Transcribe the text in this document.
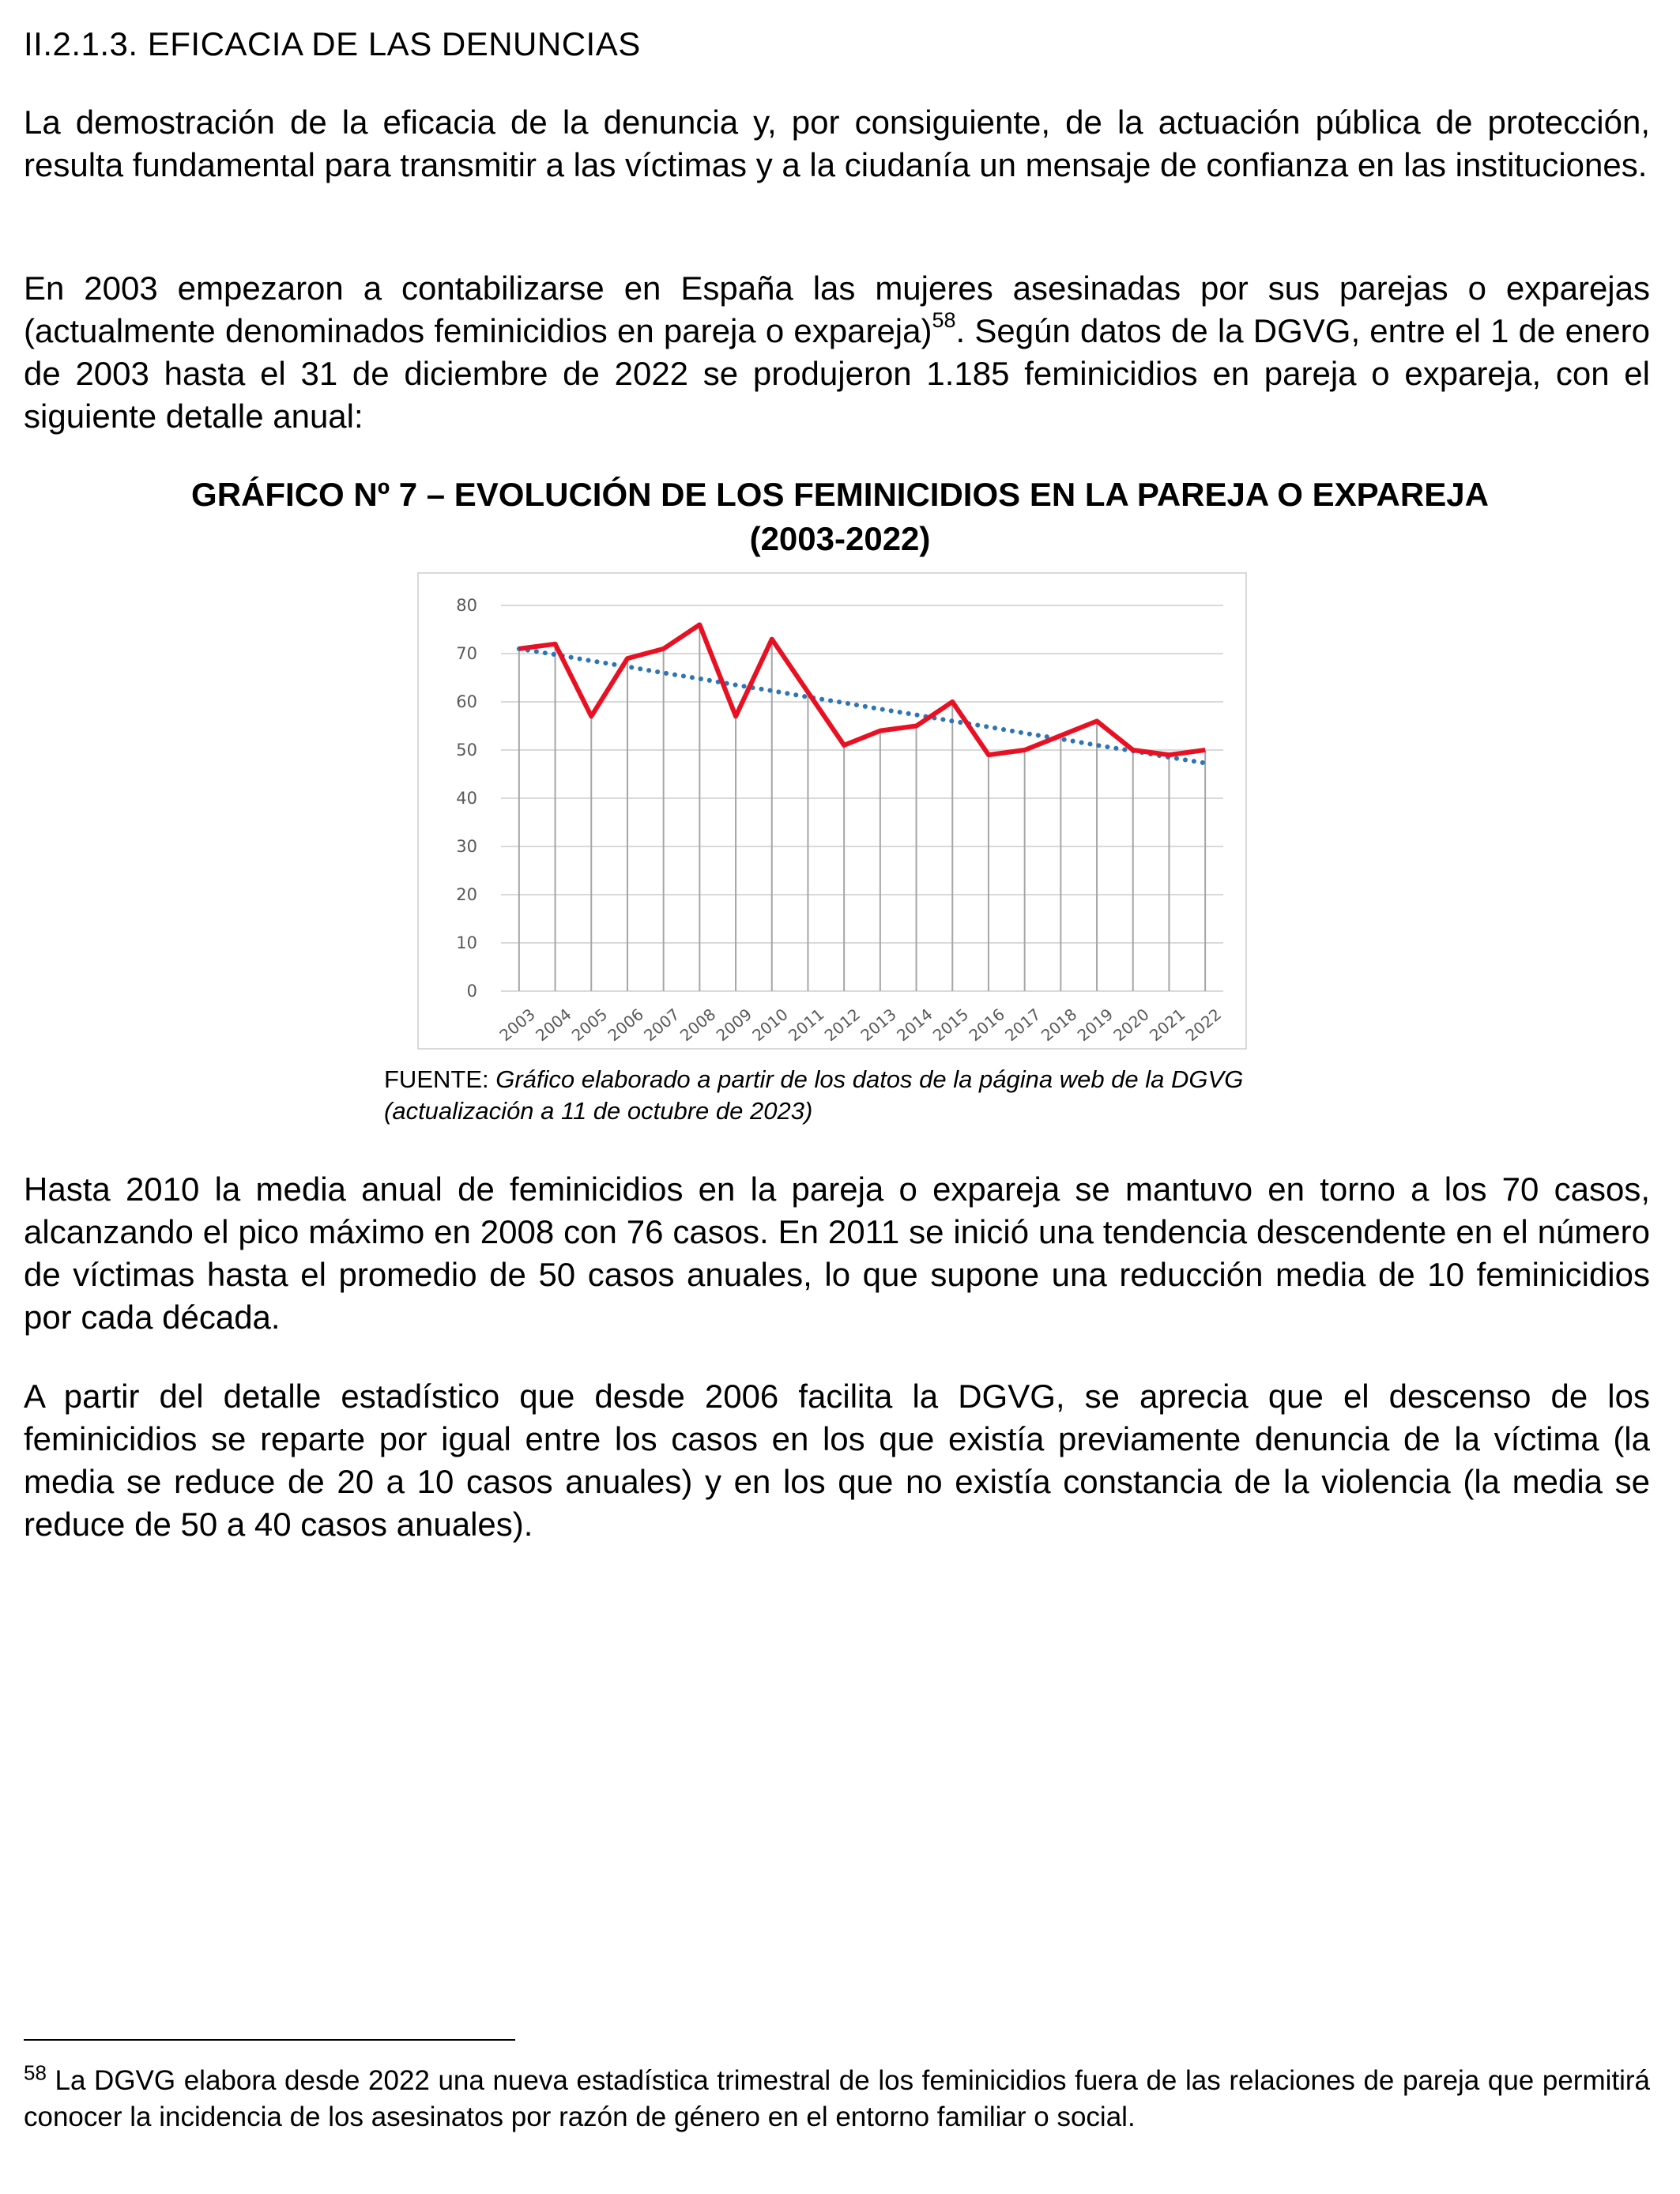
II.2.1.3. EFICACIA DE LAS DENUNCIAS

La demostración de la eficacia de la denuncia y, por consiguiente, de la actuación pública de protección, resulta fundamental para transmitir a las víctimas y a la ciudanía un mensaje de confianza en las instituciones.

En 2003 empezaron a contabilizarse en España las mujeres asesinadas por sus parejas o exparejas (actualmente denominados feminicidios en pareja o expareja)$^{58}$. Según datos de la DGVG, entre el 1 de enero de 2003 hasta el 31 de diciembre de 2022 se produjeron 1.185 feminicidios en pareja o expareja, con el siguiente detalle anual:

GRÁFICO Nº 7 – EVOLUCIÓN DE LOS FEMINICIDIOS EN LA PAREJA O EXPAREJA
(2003-2022)
0
10
20
30
40
50
60
70
80
2003
2004
2005
2006
2007
2008
2009
2010
2011
2012
2013
2014
2015
2016
2017
2018
2019
2020
2021
2022
FUENTE: Gráfico elaborado a partir de los datos de la página web de la DGVG
(actualización a 11 de octubre de 2023)

Hasta 2010 la media anual de feminicidios en la pareja o expareja se mantuvo en torno a los 70 casos, alcanzando el pico máximo en 2008 con 76 casos. En 2011 se inició una tendencia descendente en el número de víctimas hasta el promedio de 50 casos anuales, lo que supone una reducción media de 10 feminicidios por cada década.

A partir del detalle estadístico que desde 2006 facilita la DGVG, se aprecia que el descenso de los feminicidios se reparte por igual entre los casos en los que existía previamente denuncia de la víctima (la media se reduce de 20 a 10 casos anuales) y en los que no existía constancia de la violencia (la media se reduce de 50 a 40 casos anuales).

$^{58}$ La DGVG elabora desde 2022 una nueva estadística trimestral de los feminicidios fuera de las relaciones de pareja que permitirá conocer la incidencia de los asesinatos por razón de género en el entorno familiar o social.
